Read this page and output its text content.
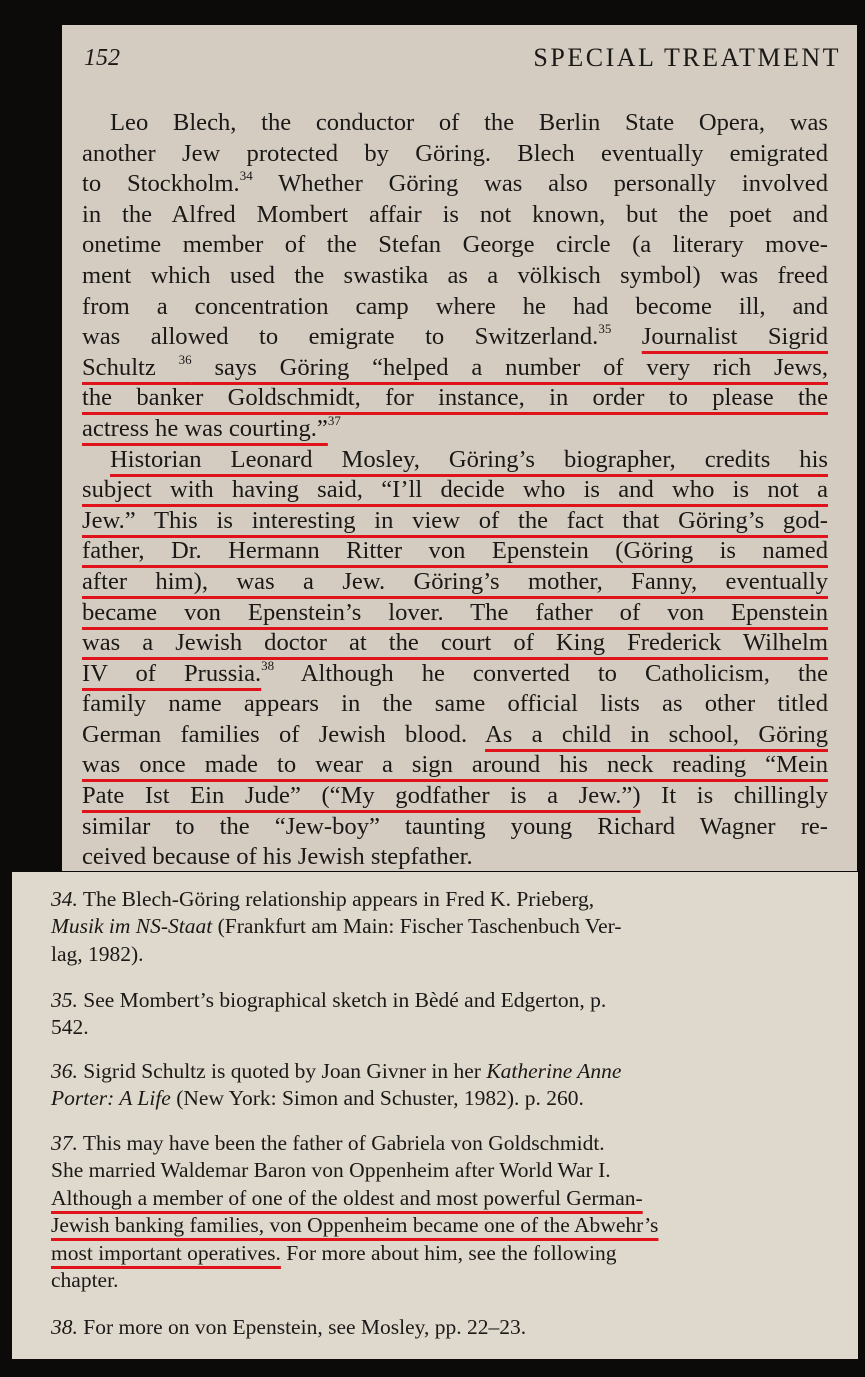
152	SPECIAL TREATMENT
Leo Blech, the conductor of the Berlin State Opera, was
another Jew protected by Göring. Blech eventually emigrated
to Stockholm.$^{34}$ Whether Göring was also personally involved
in the Alfred Mombert affair is not known, but the poet and
onetime member of the Stefan George circle (a literary move-
ment which used the swastika as a völkisch symbol) was freed
from a concentration camp where he had become ill, and
was allowed to emigrate to Switzerland.$^{35}$ Journalist Sigrid
Schultz $^{36}$ says Göring “helped a number of very rich Jews,
the banker Goldschmidt, for instance, in order to please the
actress he was courting.”$^{37}$
Historian Leonard Mosley, Göring’s biographer, credits his
subject with having said, “I’ll decide who is and who is not a
Jew.” This is interesting in view of the fact that Göring’s god-
father, Dr. Hermann Ritter von Epenstein (Göring is named
after him), was a Jew. Göring’s mother, Fanny, eventually
became von Epenstein’s lover. The father of von Epenstein
was a Jewish doctor at the court of King Frederick Wilhelm
IV of Prussia.$^{38}$ Although he converted to Catholicism, the
family name appears in the same official lists as other titled
German families of Jewish blood. As a child in school, Göring
was once made to wear a sign around his neck reading “Mein
Pate Ist Ein Jude” (“My godfather is a Jew.”) It is chillingly
similar to the “Jew-boy” taunting young Richard Wagner re-
ceived because of his Jewish stepfather.
34. The Blech-Göring relationship appears in Fred K. Prieberg,
Musik im NS-Staat (Frankfurt am Main: Fischer Taschenbuch Ver-
lag, 1982).
35. See Mombert’s biographical sketch in Bèdé and Edgerton, p.
542.
36. Sigrid Schultz is quoted by Joan Givner in her Katherine Anne
Porter: A Life (New York: Simon and Schuster, 1982). p. 260.
37. This may have been the father of Gabriela von Goldschmidt.
She married Waldemar Baron von Oppenheim after World War I.
Although a member of one of the oldest and most powerful German-
Jewish banking families, von Oppenheim became one of the Abwehr’s
most important operatives. For more about him, see the following
chapter.
38. For more on von Epenstein, see Mosley, pp. 22–23.
